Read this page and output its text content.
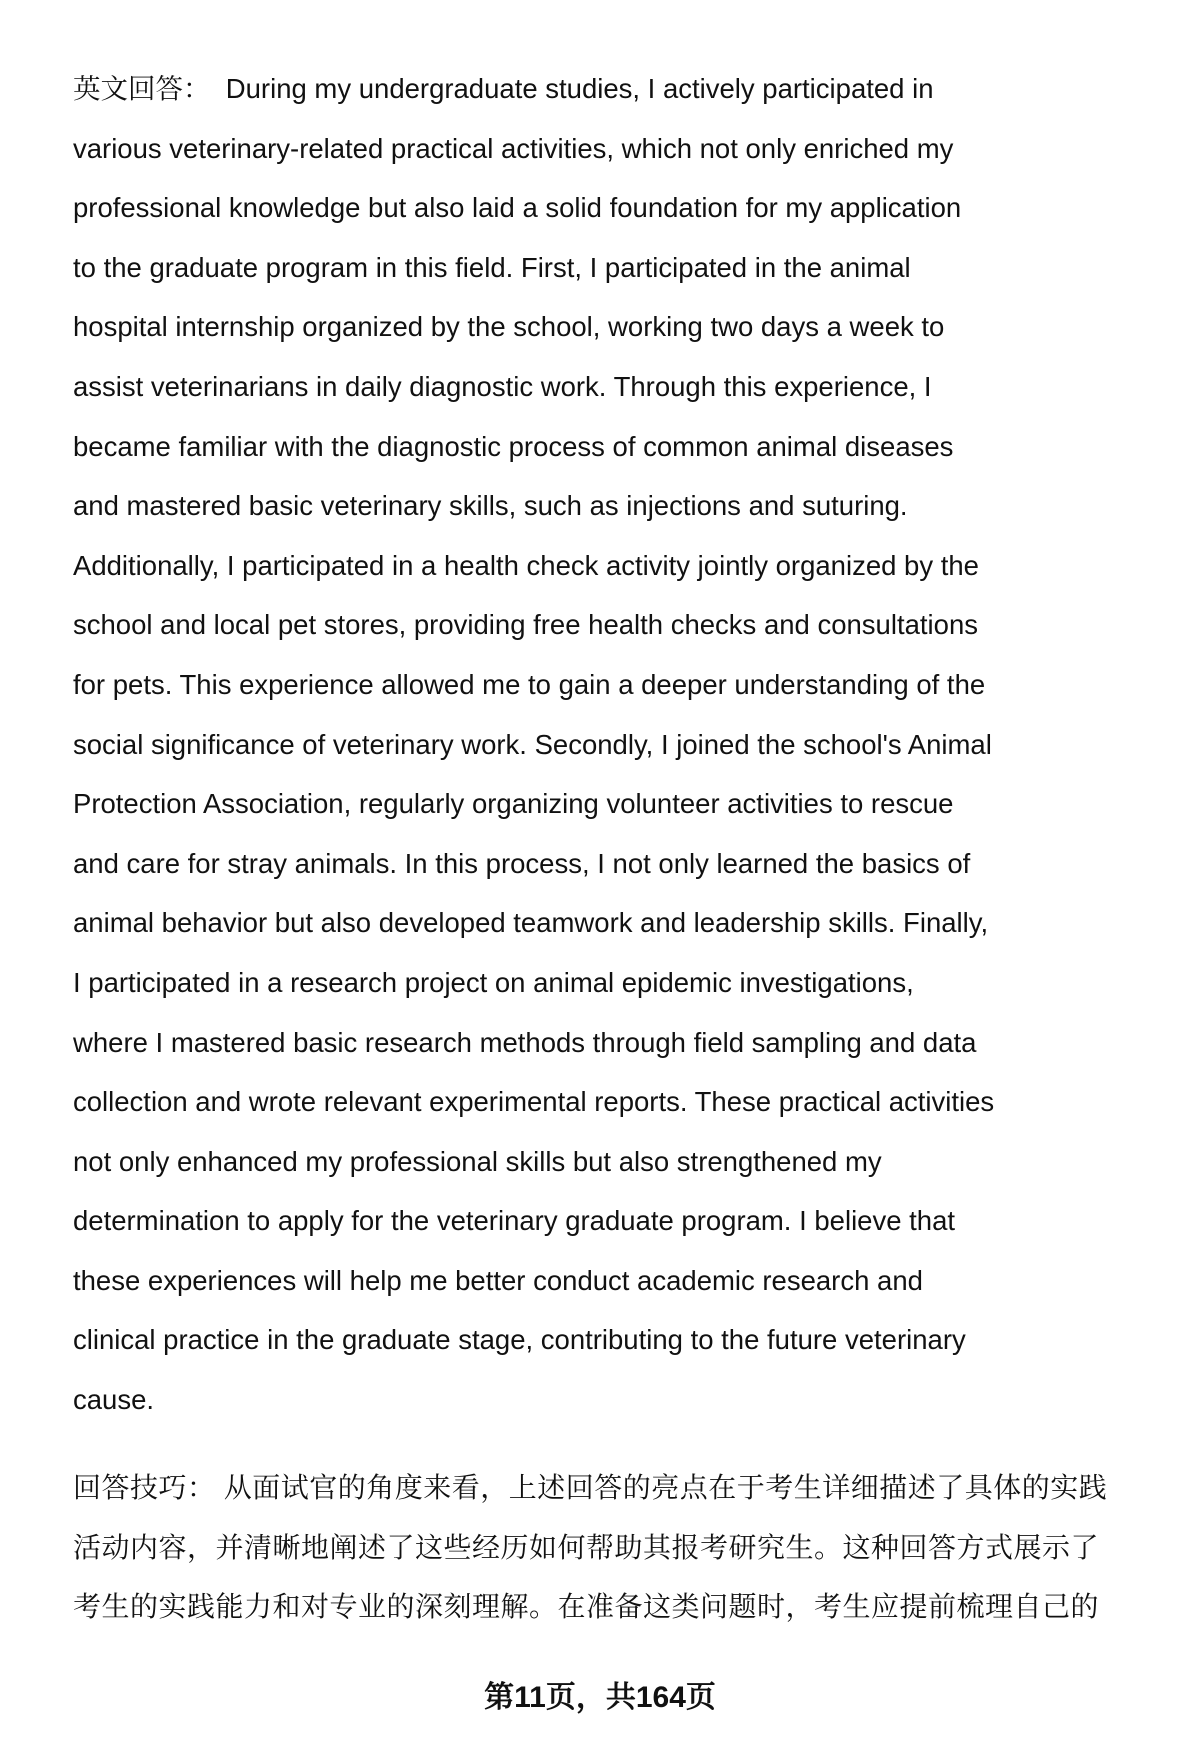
英文回答： During my undergraduate studies, I actively participated in
various veterinary-related practical activities, which not only enriched my
professional knowledge but also laid a solid foundation for my application
to the graduate program in this field. First, I participated in the animal
hospital internship organized by the school, working two days a week to
assist veterinarians in daily diagnostic work. Through this experience, I
became familiar with the diagnostic process of common animal diseases
and mastered basic veterinary skills, such as injections and suturing.
Additionally, I participated in a health check activity jointly organized by the
school and local pet stores, providing free health checks and consultations
for pets. This experience allowed me to gain a deeper understanding of the
social significance of veterinary work. Secondly, I joined the school's Animal
Protection Association, regularly organizing volunteer activities to rescue
and care for stray animals. In this process, I not only learned the basics of
animal behavior but also developed teamwork and leadership skills. Finally,
I participated in a research project on animal epidemic investigations,
where I mastered basic research methods through field sampling and data
collection and wrote relevant experimental reports. These practical activities
not only enhanced my professional skills but also strengthened my
determination to apply for the veterinary graduate program. I believe that
these experiences will help me better conduct academic research and
clinical practice in the graduate stage, contributing to the future veterinary
cause.
回答技巧： 从面试官的角度来看，上述回答的亮点在于考生详细描述了具体的实践
活动内容，并清晰地阐述了这些经历如何帮助其报考研究生。这种回答方式展示了
考生的实践能力和对专业的深刻理解。在准备这类问题时，考生应提前梳理自己的
第11页，共164页
